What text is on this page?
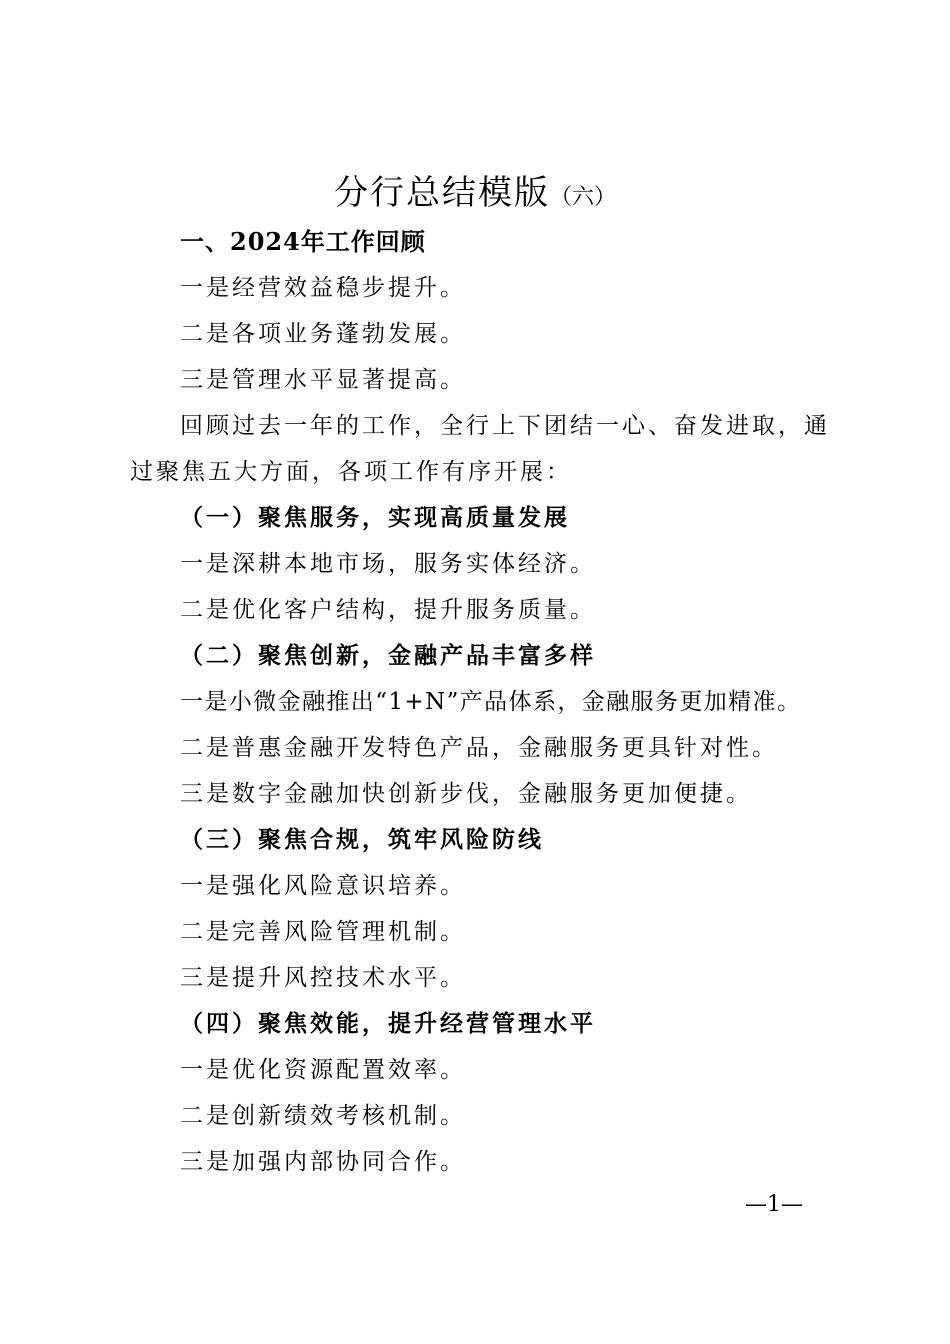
分行总结模版（六）
一、2024年工作回顾
一是经营效益稳步提升。
二是各项业务蓬勃发展。
三是管理水平显著提高。
回顾过去一年的工作，全行上下团结一心、奋发进取，通
过聚焦五大方面，各项工作有序开展：
（一）聚焦服务，实现高质量发展
一是深耕本地市场，服务实体经济。
二是优化客户结构，提升服务质量。
（二）聚焦创新，金融产品丰富多样
一是小微金融推出“1+N”产品体系，金融服务更加精准。
二是普惠金融开发特色产品，金融服务更具针对性。
三是数字金融加快创新步伐，金融服务更加便捷。
（三）聚焦合规，筑牢风险防线
一是强化风险意识培养。
二是完善风险管理机制。
三是提升风控技术水平。
（四）聚焦效能，提升经营管理水平
一是优化资源配置效率。
二是创新绩效考核机制。
三是加强内部协同合作。
—1—
